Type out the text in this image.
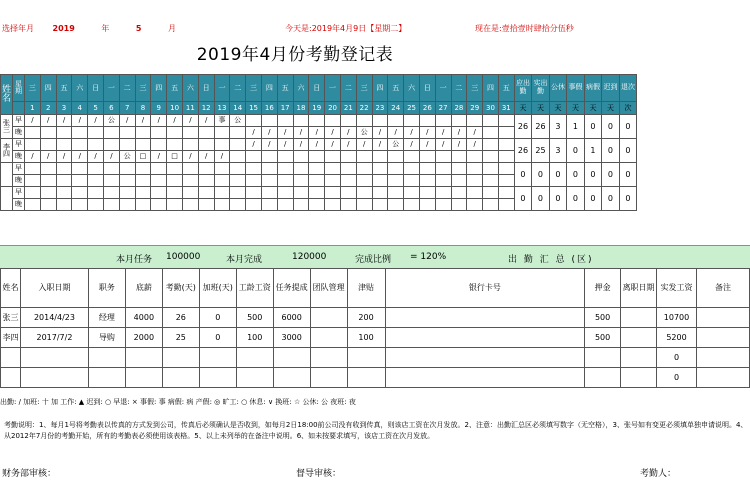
选择年月 2019	年	5	月	今天是:2019年4月9日【星期二】	现在是:壹拾壹时肆拾分伍秒
2019年4月份考勤登记表
姓名	星期	三	四	五	六	日	一	二	三	四	五	六	日	一	二	三	四	五	六	日	一	二	三	四	五	六	日	一	二	三	四	五	应出勤	实出勤	公休	事假	病假	迟到	退次
		1	2	3	4	5	6	7	8	9	10	11	12	13	14	15	16	17	18	19	20	21	22	23	24	25	26	27	28	29	30	31	天	天	天	天	天	天	次
张三	早	/	/	/	/	/	公	/	/	/	/	/	/	事	公																		26	26	3	1	0	0	0
	晚															/	/	/	/	/	/	/	公	/	/	/	/	/	/	/									
李四	早															/	/	/	/	/	/	/	/	/	公	/	/	/	/	/			26	25	3	0	1	0	0
	晚	/	/	/	/	/	/	公	□	/	□	/	/	/																									
	早																																0	0	0	0	0	0	0
	晚																																						
	早																																0	0	0	0	0	0	0
	晚																																						
本月任务 100000	本月完成	120000	完成比例 = 120%	出 勤 汇 总 (区)
姓名	入职日期	职务	底薪	考勤(天)	加班(天)	工龄工资	任务提成	团队管理	津贴	银行卡号	押金	离职日期	实发工资	备注
张三	2014/4/23	经理	4000	26	0	500	6000		200		500		10700	
李四	2017/7/2	导购	2000	25	0	100	3000		100		500		5200	
													0	
													0	
出勤: / 加班: 十 加 工作: ▲ 迟到: ○ 早退: × 事假: 事 病假: 病 产假: ◎ 旷工: ○ 休息: ∨ 换班: ☆ 公休: 公 夜班: 夜
考勤说明：1、每月1号将考勤表以传真的方式发到公司，传真后必须确认是否收到，如每月2日18:00前公司没有收到传真，则该店工资在次月发放。2、注意：出勤汇总区必须填写数字（无空格），3、张号如有变更必须填单独申请说明。4、从2012年7月份的考勤开始，所有的考勤表必须使用该表格。5、以上未列举的在备注中说明。6、如未按要求填写，该店工资在次月发放。
财务部审核：	督导审核：	考勤人：
